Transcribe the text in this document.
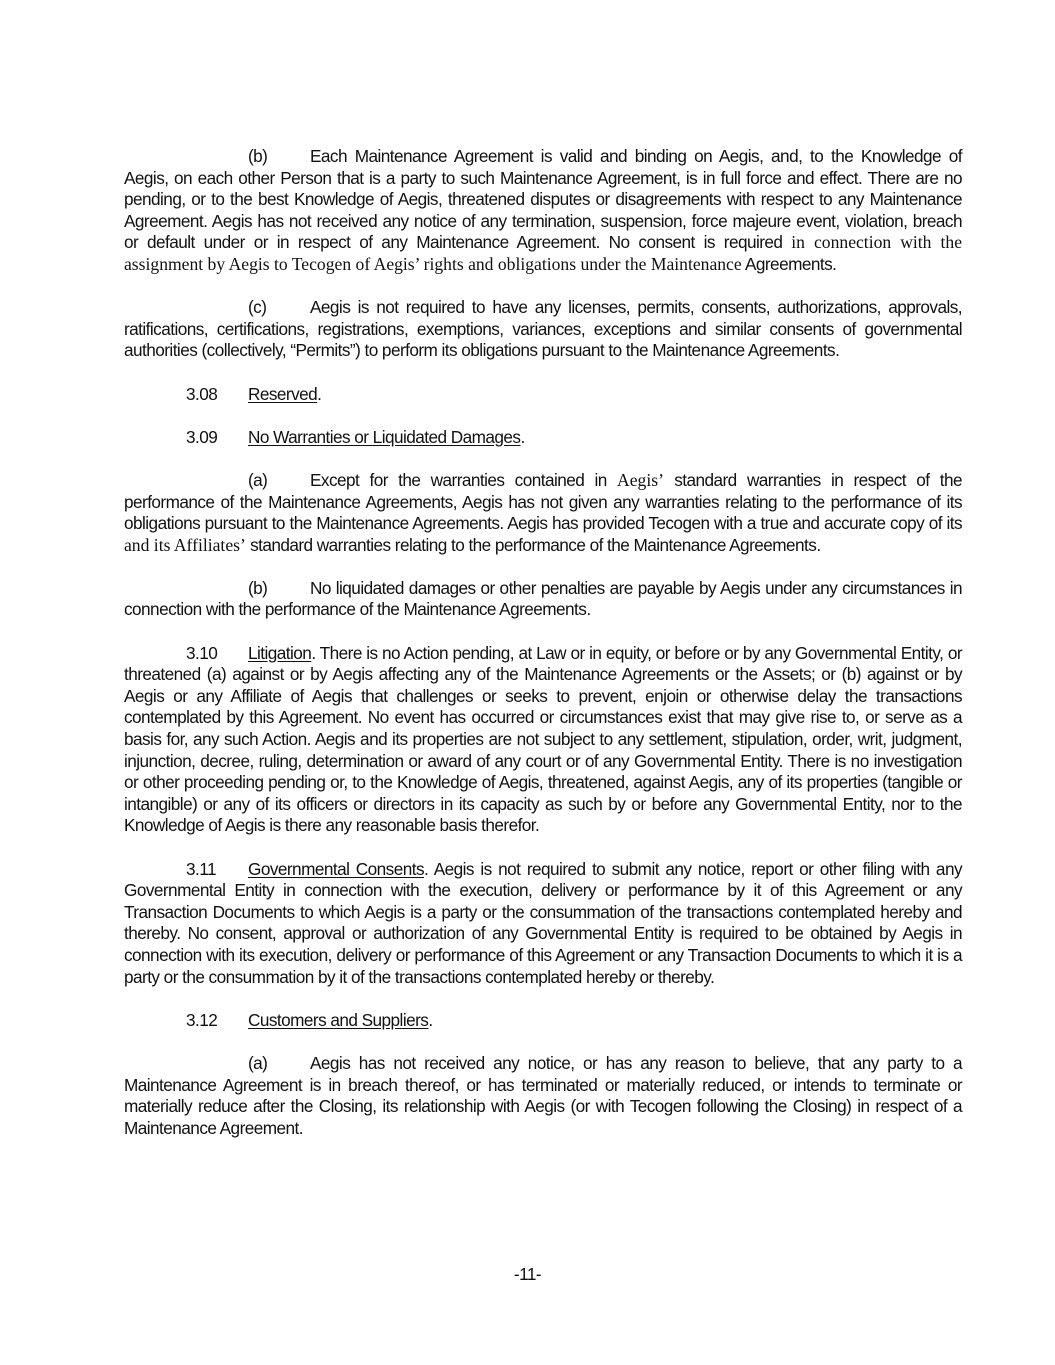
(b) Each Maintenance Agreement is valid and binding on Aegis, and, to the Knowledge of Aegis, on each other Person that is a party to such Maintenance Agreement, is in full force and effect. There are no pending, or to the best Knowledge of Aegis, threatened disputes or disagreements with respect to any Maintenance Agreement. Aegis has not received any notice of any termination, suspension, force majeure event, violation, breach or default under or in respect of any Maintenance Agreement. No consent is required in connection with the assignment by Aegis to Tecogen of Aegis’ rights and obligations under the Maintenance Agreements.

(c)	Aegis is not required to have any licenses, permits, consents, authorizations, approvals, ratifications, certifications, registrations, exemptions, variances, exceptions and similar consents of governmental authorities (collectively, “Permits”) to perform its obligations pursuant to the Maintenance Agreements.

3.08 Reserved.

3.09 No Warranties or Liquidated Damages.

(a) Except for the warranties contained in Aegis’ standard warranties in respect of the performance of the Maintenance Agreements, Aegis has not given any warranties relating to the performance of its obligations pursuant to the Maintenance Agreements. Aegis has provided Tecogen with a true and accurate copy of its and its Affiliates’ standard warranties relating to the performance of the Maintenance Agreements.

(b) No liquidated damages or other penalties are payable by Aegis under any circumstances in connection with the performance of the Maintenance Agreements.

3.10 Litigation. There is no Action pending, at Law or in equity, or before or by any Governmental Entity, or threatened (a) against or by Aegis affecting any of the Maintenance Agreements or the Assets; or (b) against or by Aegis or any Affiliate of Aegis that challenges or seeks to prevent, enjoin or otherwise delay the transactions contemplated by this Agreement. No event has occurred or circumstances exist that may give rise to, or serve as a basis for, any such Action. Aegis and its properties are not subject to any settlement, stipulation, order, writ, judgment, injunction, decree, ruling, determination or award of any court or of any Governmental Entity. There is no investigation or other proceeding pending or, to the Knowledge of Aegis, threatened, against Aegis, any of its properties (tangible or intangible) or any of its officers or directors in its capacity as such by or before any Governmental Entity, nor to the Knowledge of Aegis is there any reasonable basis therefor.

3.11 Governmental Consents. Aegis is not required to submit any notice, report or other filing with any Governmental Entity in connection with the execution, delivery or performance by it of this Agreement or any Transaction Documents to which Aegis is a party or the consummation of the transactions contemplated hereby and thereby. No consent, approval or authorization of any Governmental Entity is required to be obtained by Aegis in connection with its execution, delivery or performance of this Agreement or any Transaction Documents to which it is a party or the consummation by it of the transactions contemplated hereby or thereby.

3.12 Customers and Suppliers.

(a) Aegis has not received any notice, or has any reason to believe, that any party to a Maintenance Agreement is in breach thereof, or has terminated or materially reduced, or intends to terminate or materially reduce after the Closing, its relationship with Aegis (or with Tecogen following the Closing) in respect of a Maintenance Agreement.

-11-
